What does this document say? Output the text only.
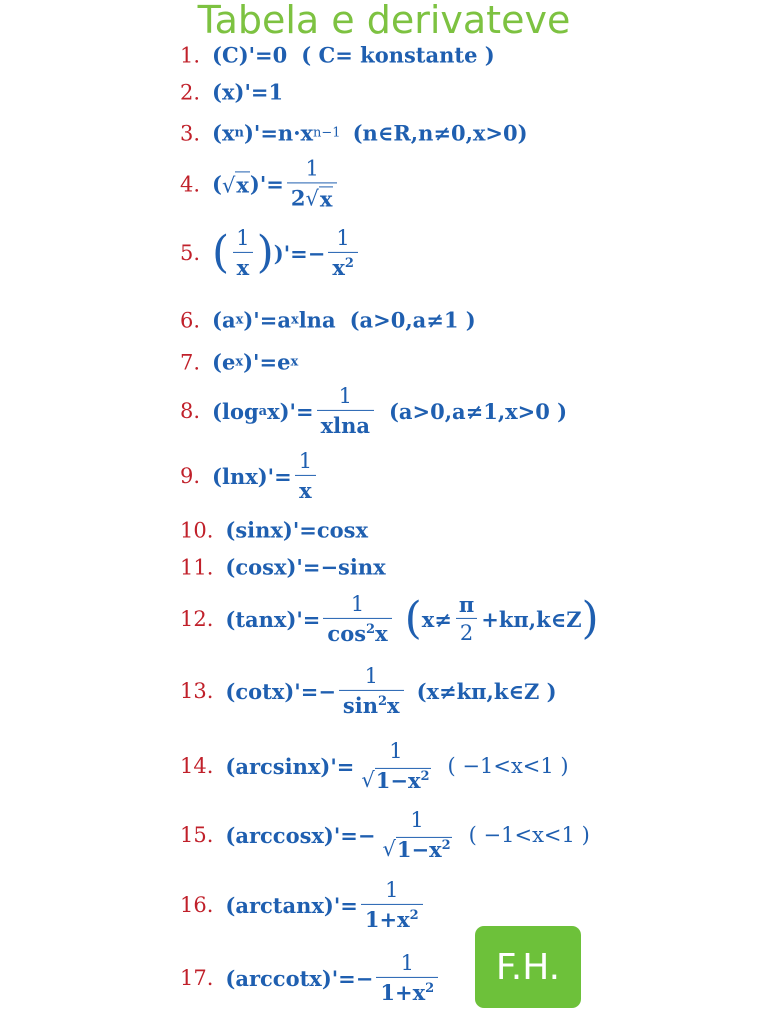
Tabela e derivateve
1. (C)'=0 ( C= konstante )
2. (x)'=1
3. (x n )'=n·x n−1 (n∈R,n≠0,x>0)
4. ( √ x )'= $\frac{1}{2 √ x}$
5. ( $\frac{1}{x}$ ) )'=− $\frac{1}{x^2}$
6. (a x )'=a x lna (a>0,a≠1 )
7. (e x )'=e x
8. (log a $x)'= \frac{1}{xlna} (a>0,a\ne 1,x>0$ )
9. $(\ln x)'= \frac{1}{x}$
10. (sinx)'=cosx
11. (cosx)'=−sinx
12. $(\tan x)'= \frac{1}{\cos^2x}$ ( $x\ne \frac{\pi}{2}$ +kπ,k∈Z )
13. $(\cot x)'=- \frac{1}{\sin^2x}$ (x≠kπ,k∈Z )
14. (arcsinx)'=
1
√ $1-x^2$ ( −1<x<1 )
15. (arccosx)'=−
1
√ $1-x^2$ ( −1<x<1 )
16. $(\arctan x)'= \frac{1}{1+x^2}$
17. $(arccotx)'=- \frac{1}{1+x^2}$	F.H.
